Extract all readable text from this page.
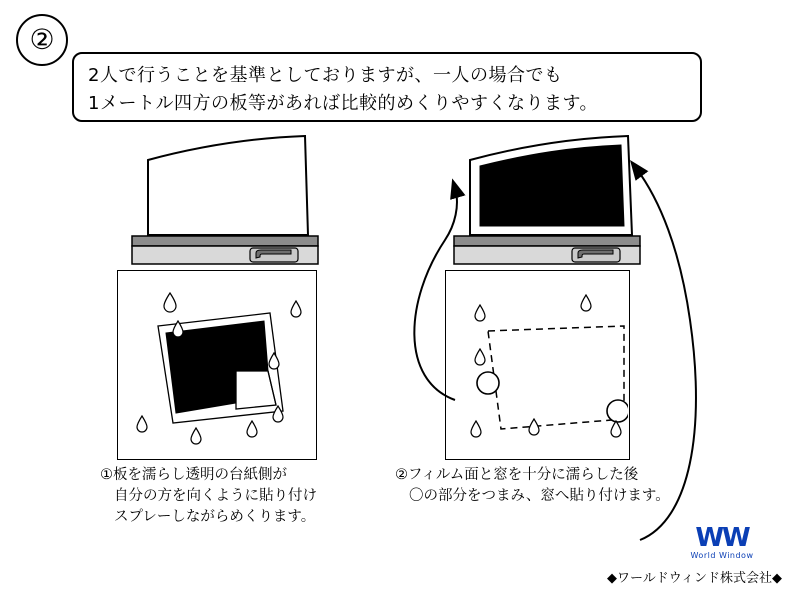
②
2人で行うことを基準としておりますが、一人の場合でも
1メートル四方の板等があれば比較的めくりやすくなります。
①板を濡らし透明の台紙側が
自分の方を向くように貼り付け
スプレーしながらめくります。
②フィルム面と窓を十分に濡らした後
〇の部分をつまみ、窓へ貼り付けます。
WW
World Window
◆ワールドウィンド株式会社◆
